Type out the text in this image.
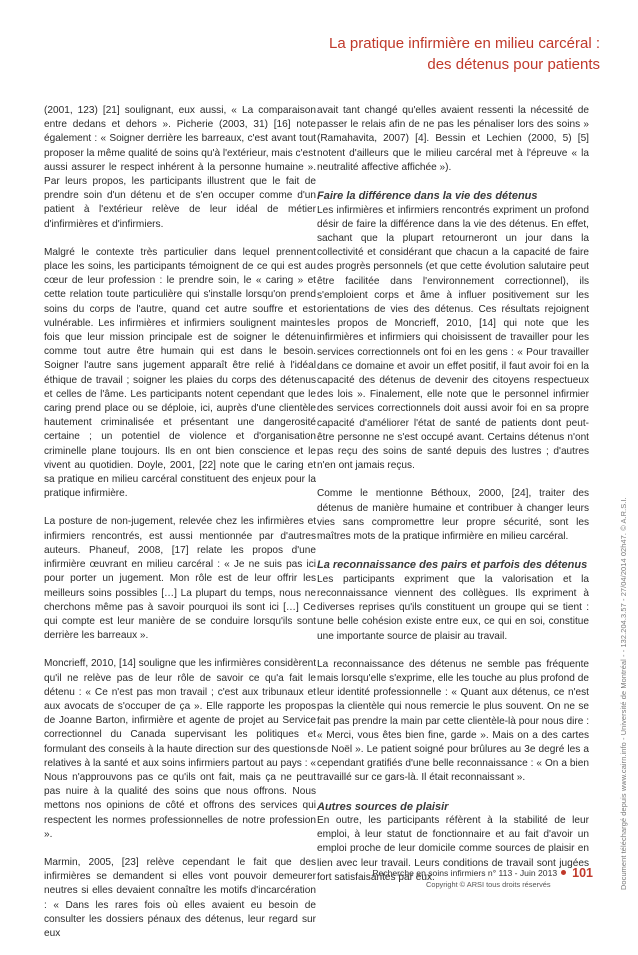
La pratique infirmière en milieu carcéral :
des détenus pour patients

(2001, 123) [21] soulignant, eux aussi, « La comparaison entre dedans et dehors ». Picherie (2003, 31) [16] note également : « Soigner derrière les barreaux, c'est avant tout proposer la même qualité de soins qu'à l'extérieur, mais c'est aussi assurer le respect inhérent à la personne humaine ». Par leurs propos, les participants illustrent que le fait de prendre soin d'un détenu et de s'en occuper comme d'un patient à l'extérieur relève de leur idéal de métier d'infirmières et d'infirmiers.

Malgré le contexte très particulier dans lequel prennent place les soins, les participants témoignent de ce qui est au cœur de leur profession : le prendre soin, le « caring » et cette relation toute particulière qui s'installe lorsqu'on prend soins du corps de l'autre, quand cet autre souffre et est vulnérable. Les infirmières et infirmiers soulignent maintes fois que leur mission principale est de soigner le détenu comme tout autre être humain qui est dans le besoin. Soigner l'autre sans jugement apparaît être relié à l'idéal éthique de travail ; soigner les plaies du corps des détenus et celles de l'âme. Les participants notent cependant que le caring prend place ou se déploie, ici, auprès d'une clientèle hautement criminalisée et présentant une dangerosité certaine ; un potentiel de violence et d'organisation criminelle plane toujours. Ils en ont bien conscience et le vivent au quotidien. Doyle, 2001, [22] note que le caring et sa pratique en milieu carcéral constituent des enjeux pour la pratique infirmière.

La posture de non-jugement, relevée chez les infirmières et infirmiers rencontrés, est aussi mentionnée par d'autres auteurs. Phaneuf, 2008, [17] relate les propos d'une infirmière œuvrant en milieu carcéral : « Je ne suis pas ici pour porter un jugement. Mon rôle est de leur offrir les meilleurs soins possibles […] La plupart du temps, nous ne cherchons même pas à savoir pourquoi ils sont ici […] Ce qui compte est leur manière de se conduire lorsqu'ils sont derrière les barreaux ».

Moncrieff, 2010, [14] souligne que les infirmières considèrent qu'il ne relève pas de leur rôle de savoir ce qu'a fait le détenu : « Ce n'est pas mon travail ; c'est aux tribunaux et aux avocats de s'occuper de ça ». Elle rapporte les propos de Joanne Barton, infirmière et agente de projet au Service correctionnel du Canada supervisant les politiques et formulant des conseils à la haute direction sur des questions relatives à la santé et aux soins infirmiers partout au pays : « Nous n'approuvons pas ce qu'ils ont fait, mais ça ne peut pas nuire à la qualité des soins que nous offrons. Nous mettons nos opinions de côté et offrons des services qui respectent les normes professionnelles de notre profession ».

Marmin, 2005, [23] relève cependant le fait que des infirmières se demandent si elles vont pouvoir demeurer neutres si elles devaient connaître les motifs d'incarcération : « Dans les rares fois où elles avaient eu besoin de consulter les dossiers pénaux des détenus, leur regard sur eux

avait tant changé qu'elles avaient ressenti la nécessité de passer le relais afin de ne pas les pénaliser lors des soins » (Ramahavita, 2007) [4]. Bessin et Lechien (2000, 5) [5] notent d'ailleurs que le milieu carcéral met à l'épreuve « la neutralité affective affichée »).

Faire la différence dans la vie des détenus

Les infirmières et infirmiers rencontrés expriment un profond désir de faire la différence dans la vie des détenus. En effet, sachant que la plupart retourneront un jour dans la collectivité et considérant que chacun a la capacité de faire des progrès personnels (et que cette évolution salutaire peut être facilitée dans l'environnement correctionnel), ils s'emploient corps et âme à influer positivement sur les orientations de vies des détenus. Ces résultats rejoignent les propos de Moncrieff, 2010, [14] qui note que les infirmières et infirmiers qui choisissent de travailler pour les services correctionnels ont foi en les gens : « Pour travailler dans ce domaine et avoir un effet positif, il faut avoir foi en la capacité des détenus de devenir des citoyens respectueux des lois ». Finalement, elle note que le personnel infirmier des services correctionnels doit aussi avoir foi en sa propre capacité d'améliorer l'état de santé de patients dont peut-être personne ne s'est occupé avant. Certains détenus n'ont pas reçu des soins de santé depuis des lustres ; d'autres n'en ont jamais reçus.

Comme le mentionne Béthoux, 2000, [24], traiter des détenus de manière humaine et contribuer à changer leurs vies sans compromettre leur propre sécurité, sont les maîtres mots de la pratique infirmière en milieu carcéral.

La reconnaissance des pairs et parfois des détenus

Les participants expriment que la valorisation et la reconnaissance viennent des collègues. Ils expriment à diverses reprises qu'ils constituent un groupe qui se tient : une belle cohésion existe entre eux, ce qui en soi, constitue une importante source de plaisir au travail.

La reconnaissance des détenus ne semble pas fréquente mais lorsqu'elle s'exprime, elle les touche au plus profond de leur identité professionnelle : « Quant aux détenus, ce n'est pas la clientèle qui nous remercie le plus souvent. On ne se fait pas prendre la main par cette clientèle-là pour nous dire : « Merci, vous êtes bien fine, garde ». Mais on a des cartes de Noël ». Le patient soigné pour brûlures au 3e degré les a cependant gratifiés d'une belle reconnaissance : « On a bien travaillé sur ce gars-là. Il était reconnaissant ».

Autres sources de plaisir

En outre, les participants réfèrent à la stabilité de leur emploi, à leur statut de fonctionnaire et au fait d'avoir un emploi proche de leur domicile comme sources de plaisir en lien avec leur travail. Leurs conditions de travail sont jugées fort satisfaisantes par eux.	Document téléchargé depuis www.cairn.info - Université de Montréal - - 132.204.3.57 - 27/04/2014 02h47. © A.R.S.I.
Recherche en soins infirmiers n° 113 - Juin 2013 101
Copyright © ARSI tous droits réservés
